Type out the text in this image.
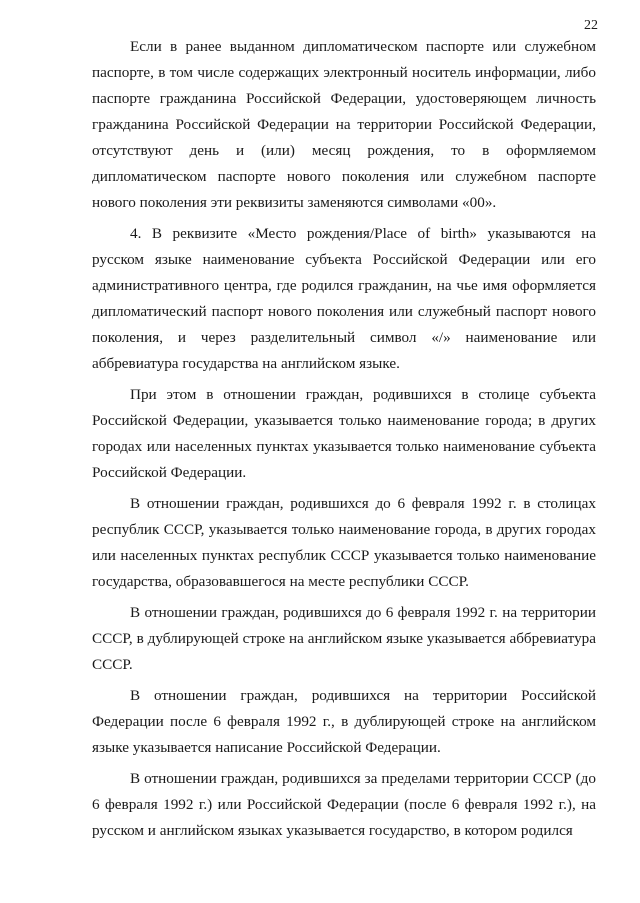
22

Если в ранее выданном дипломатическом паспорте или служебном паспорте, в том числе содержащих электронный носитель информации, либо паспорте гражданина Российской Федерации, удостоверяющем личность гражданина Российской Федерации на территории Российской Федерации, отсутствуют день и (или) месяц рождения, то в оформляемом дипломатическом паспорте нового поколения или служебном паспорте нового поколения эти реквизиты заменяются символами «00».

4. В реквизите «Место рождения/Place of birth» указываются на русском языке наименование субъекта Российской Федерации или его административного центра, где родился гражданин, на чье имя оформляется дипломатический паспорт нового поколения или служебный паспорт нового поколения, и через разделительный символ «/» наименование или аббревиатура государства на английском языке.

При этом в отношении граждан, родившихся в столице субъекта Российской Федерации, указывается только наименование города; в других городах или населенных пунктах указывается только наименование субъекта Российской Федерации.

В отношении граждан, родившихся до 6 февраля 1992 г. в столицах республик СССР, указывается только наименование города, в других городах или населенных пунктах республик СССР указывается только наименование государства, образовавшегося на месте республики СССР.

В отношении граждан, родившихся до 6 февраля 1992 г. на территории СССР, в дублирующей строке на английском языке указывается аббревиатура СССР.

В отношении граждан, родившихся на территории Российской Федерации после 6 февраля 1992 г., в дублирующей строке на английском языке указывается написание Российской Федерации.

В отношении граждан, родившихся за пределами территории СССР (до 6 февраля 1992 г.) или Российской Федерации (после 6 февраля 1992 г.), на русском и английском языках указывается государство, в котором родился
